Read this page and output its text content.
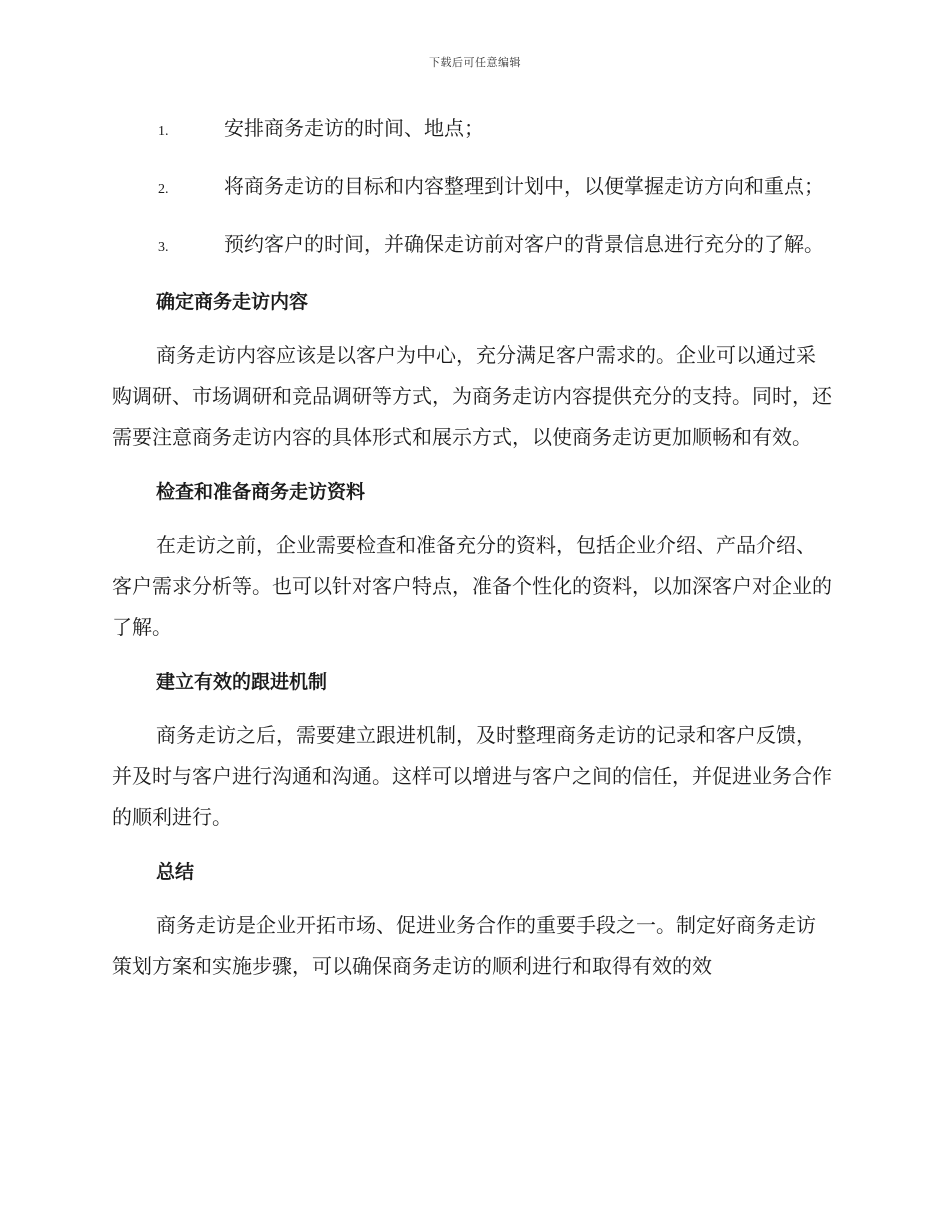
下载后可任意编辑
1.	安排商务走访的时间、地点；
2.	将商务走访的目标和内容整理到计划中，以便掌握走访方向和重点；
3.	预约客户的时间，并确保走访前对客户的背景信息进行充分的了解。
确定商务走访内容

商务走访内容应该是以客户为中心，充分满足客户需求的。企业可以通过采购调研、市场调研和竞品调研等方式，为商务走访内容提供充分的支持。同时，还需要注意商务走访内容的具体形式和展示方式，以使商务走访更加顺畅和有效。

检查和准备商务走访资料

在走访之前，企业需要检查和准备充分的资料，包括企业介绍、产品介绍、客户需求分析等。也可以针对客户特点，准备个性化的资料，以加深客户对企业的了解。

建立有效的跟进机制

商务走访之后，需要建立跟进机制，及时整理商务走访的记录和客户反馈，并及时与客户进行沟通和沟通。这样可以增进与客户之间的信任，并促进业务合作的顺利进行。

总结

商务走访是企业开拓市场、促进业务合作的重要手段之一。制定好商务走访策划方案和实施步骤，可以确保商务走访的顺利进行和取得有效的效
